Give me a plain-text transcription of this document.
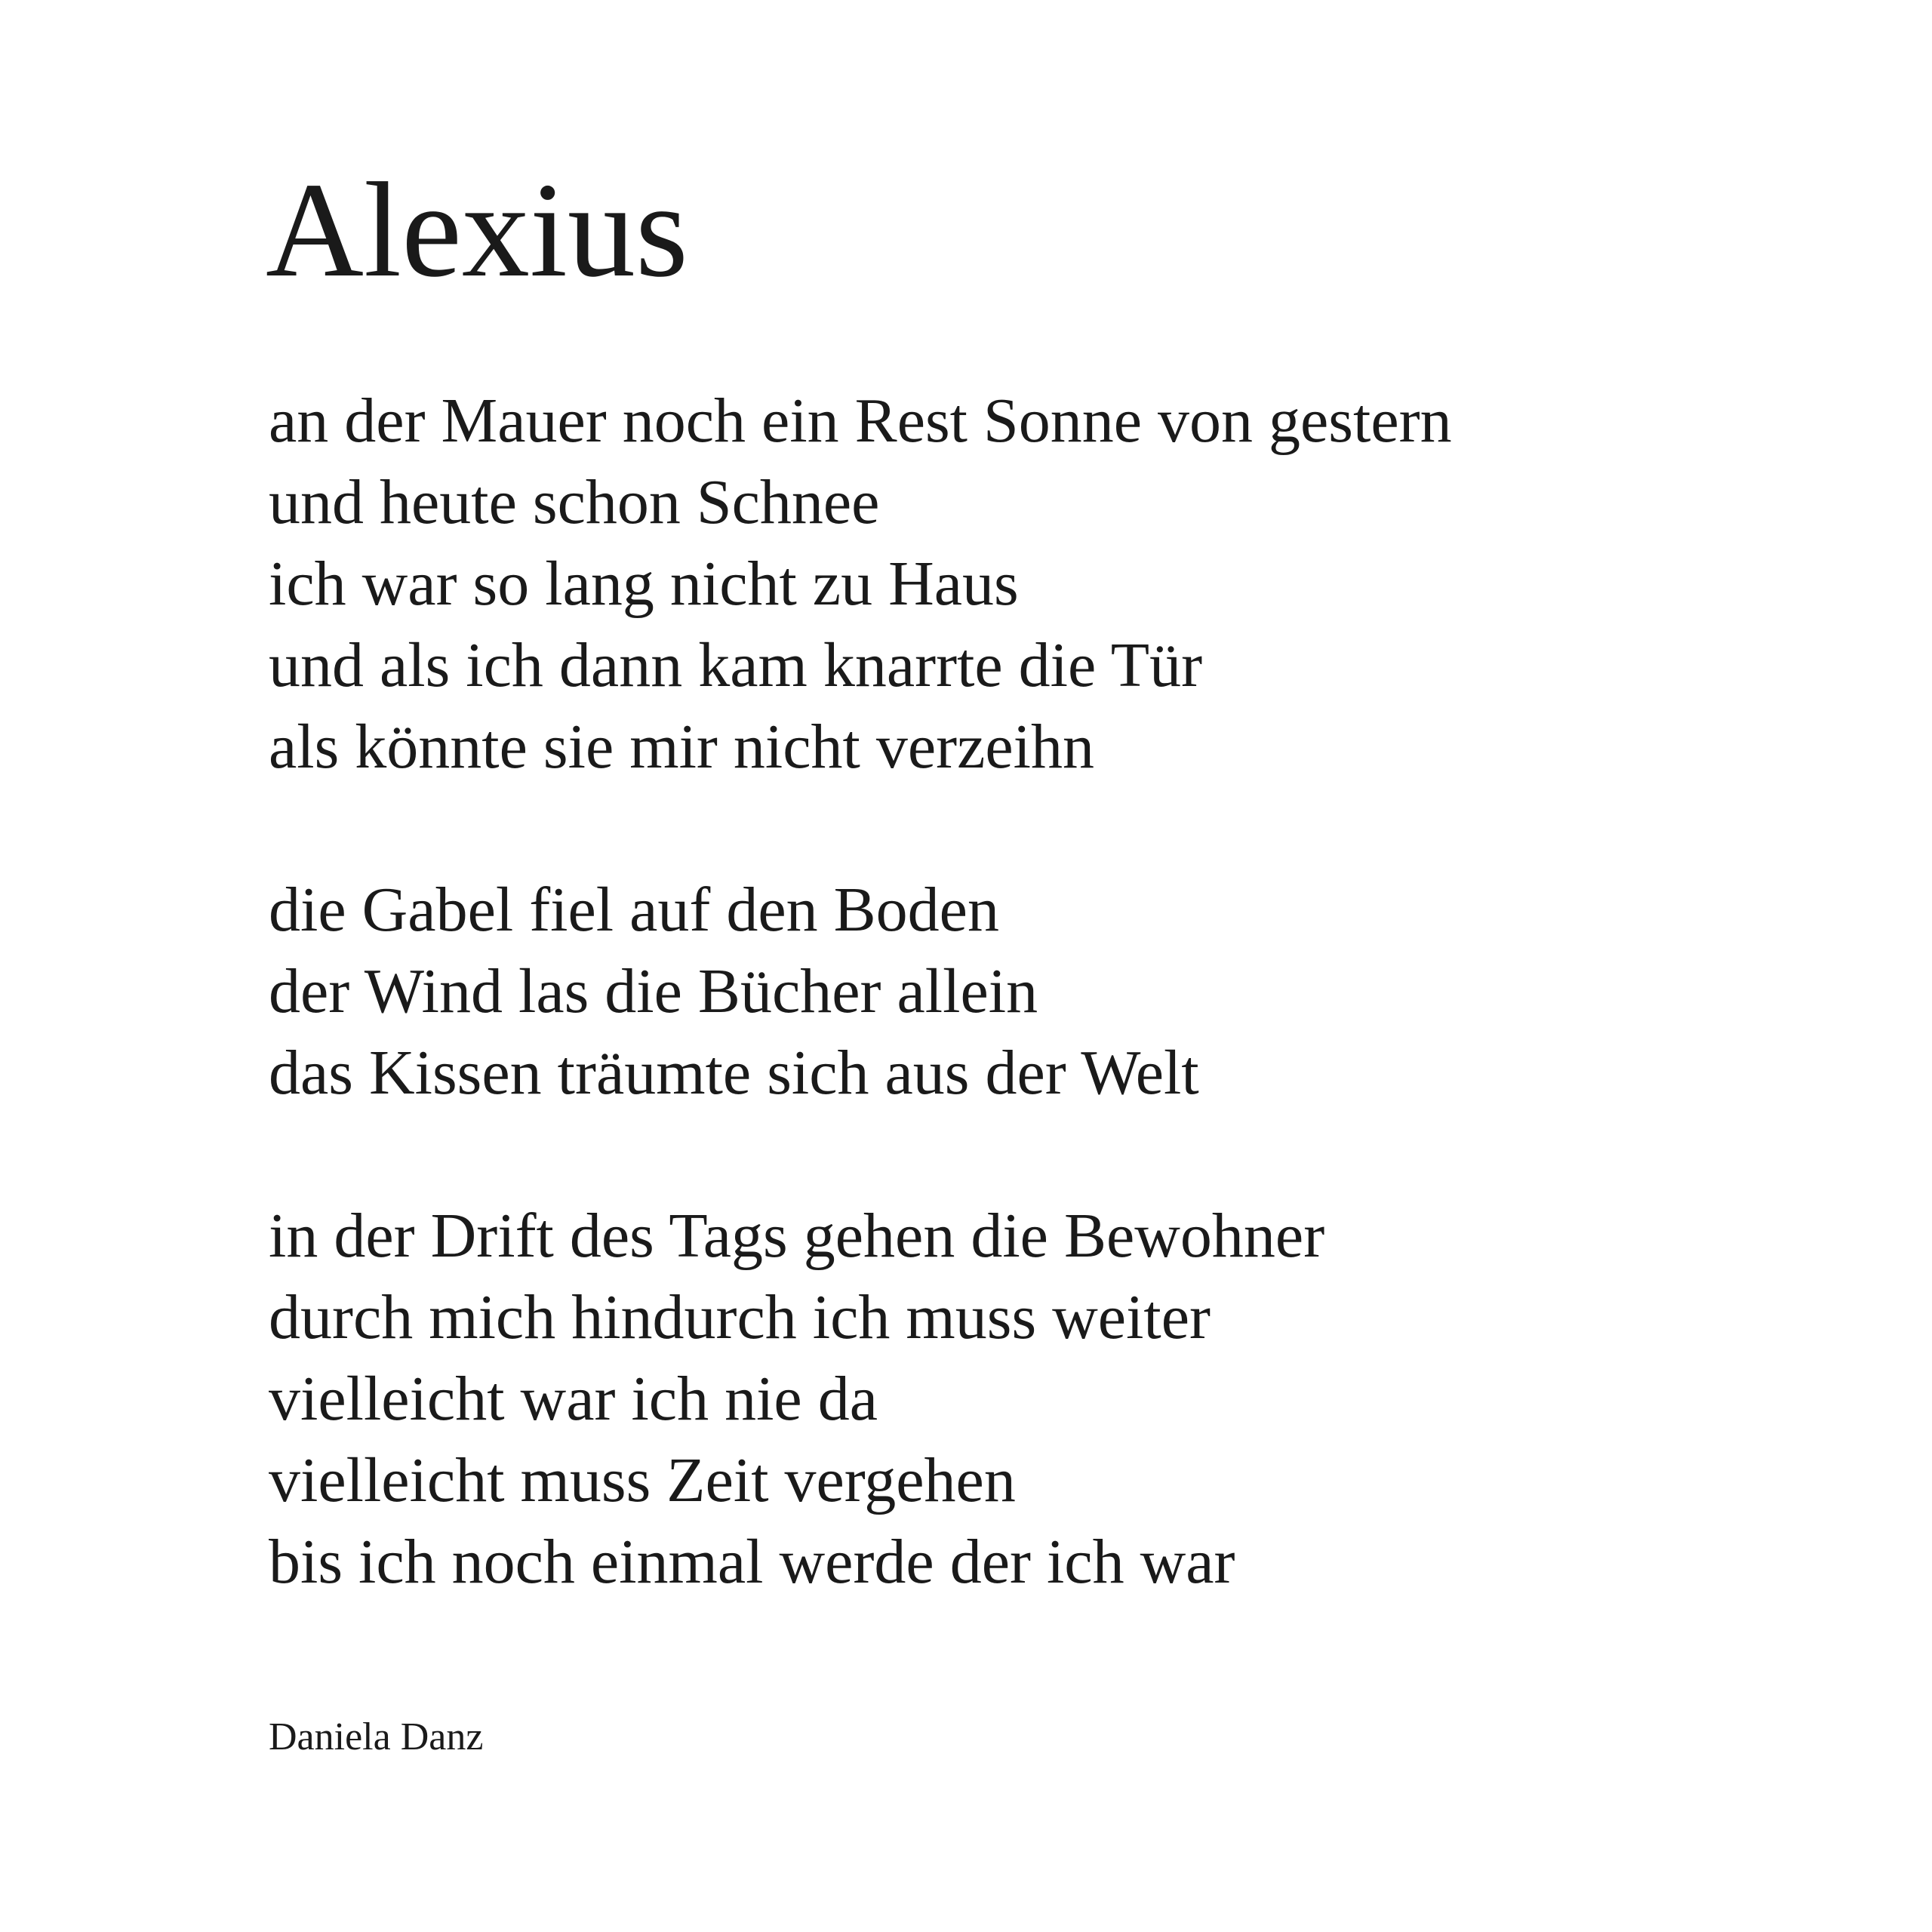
Alexius

an der Mauer noch ein Rest Sonne von gestern
und heute schon Schnee
ich war so lang nicht zu Haus
und als ich dann kam knarrte die Tür
als könnte sie mir nicht verzeihn

die Gabel fiel auf den Boden
der Wind las die Bücher allein
das Kissen träumte sich aus der Welt

in der Drift des Tags gehen die Bewohner
durch mich hindurch ich muss weiter
vielleicht war ich nie da
vielleicht muss Zeit vergehen
bis ich noch einmal werde der ich war

Daniela Danz
